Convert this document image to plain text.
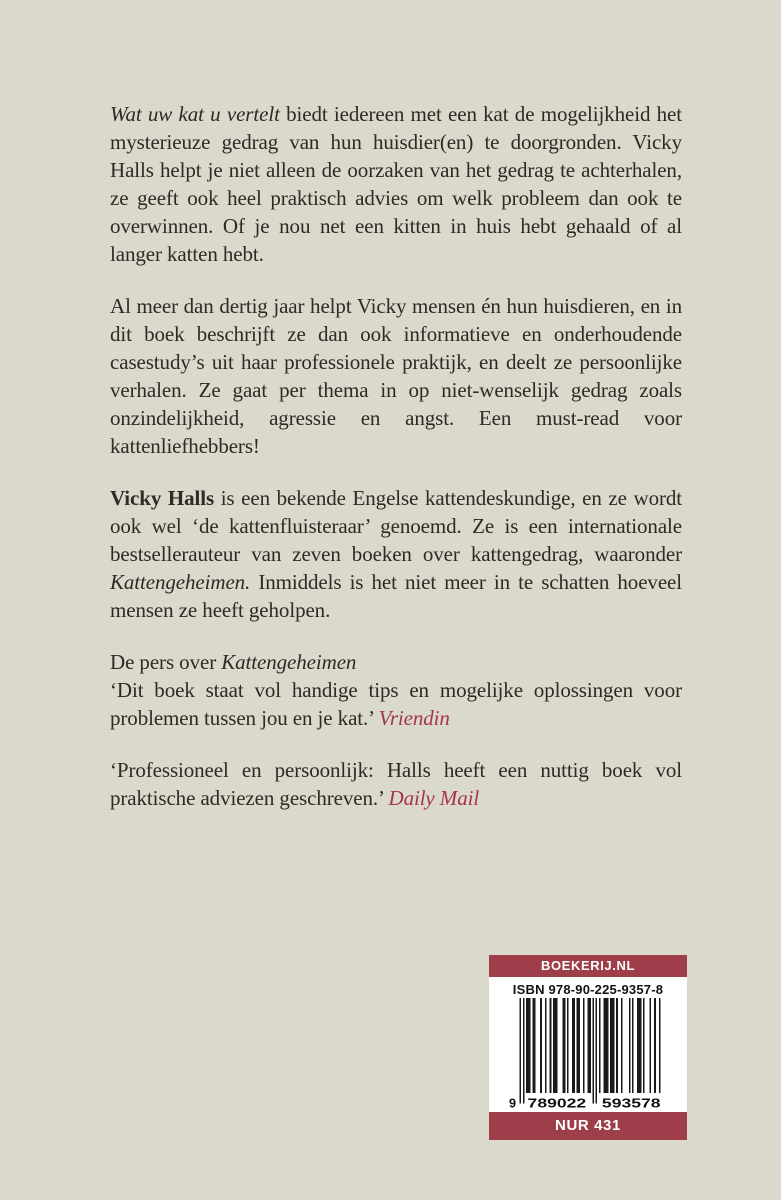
Wat uw kat u vertelt biedt iedereen met een kat de mogelijkheid het mysterieuze gedrag van hun huisdier(en) te doorgronden. Vicky Halls helpt je niet alleen de oorzaken van het gedrag te achterhalen, ze geeft ook heel praktisch advies om welk probleem dan ook te overwinnen. Of je nou net een kitten in huis hebt gehaald of al langer katten hebt.

Al meer dan dertig jaar helpt Vicky mensen én hun huisdieren, en in dit boek beschrijft ze dan ook informatieve en onderhoudende casestudy’s uit haar professionele praktijk, en deelt ze persoonlijke verhalen. Ze gaat per thema in op niet-wenselijk gedrag zoals onzindelijkheid, agressie en angst. Een must-read voor kattenliefhebbers!

Vicky Halls is een bekende Engelse kattendeskundige, en ze wordt ook wel ‘de kattenfluisteraar’ genoemd. Ze is een internationale bestsellerauteur van zeven boeken over kattengedrag, waaronder Kattengeheimen. Inmiddels is het niet meer in te schatten hoeveel mensen ze heeft geholpen.

De pers over Kattengeheimen

‘Dit boek staat vol handige tips en mogelijke oplossingen voor problemen tussen jou en je kat.’ Vriendin

‘Professioneel en persoonlijk: Halls heeft een nuttig boek vol praktische adviezen geschreven.’ Daily Mail

BOEKERIJ.NL
ISBN 978-90-225-9357-8
9 789022 593578
NUR 431
